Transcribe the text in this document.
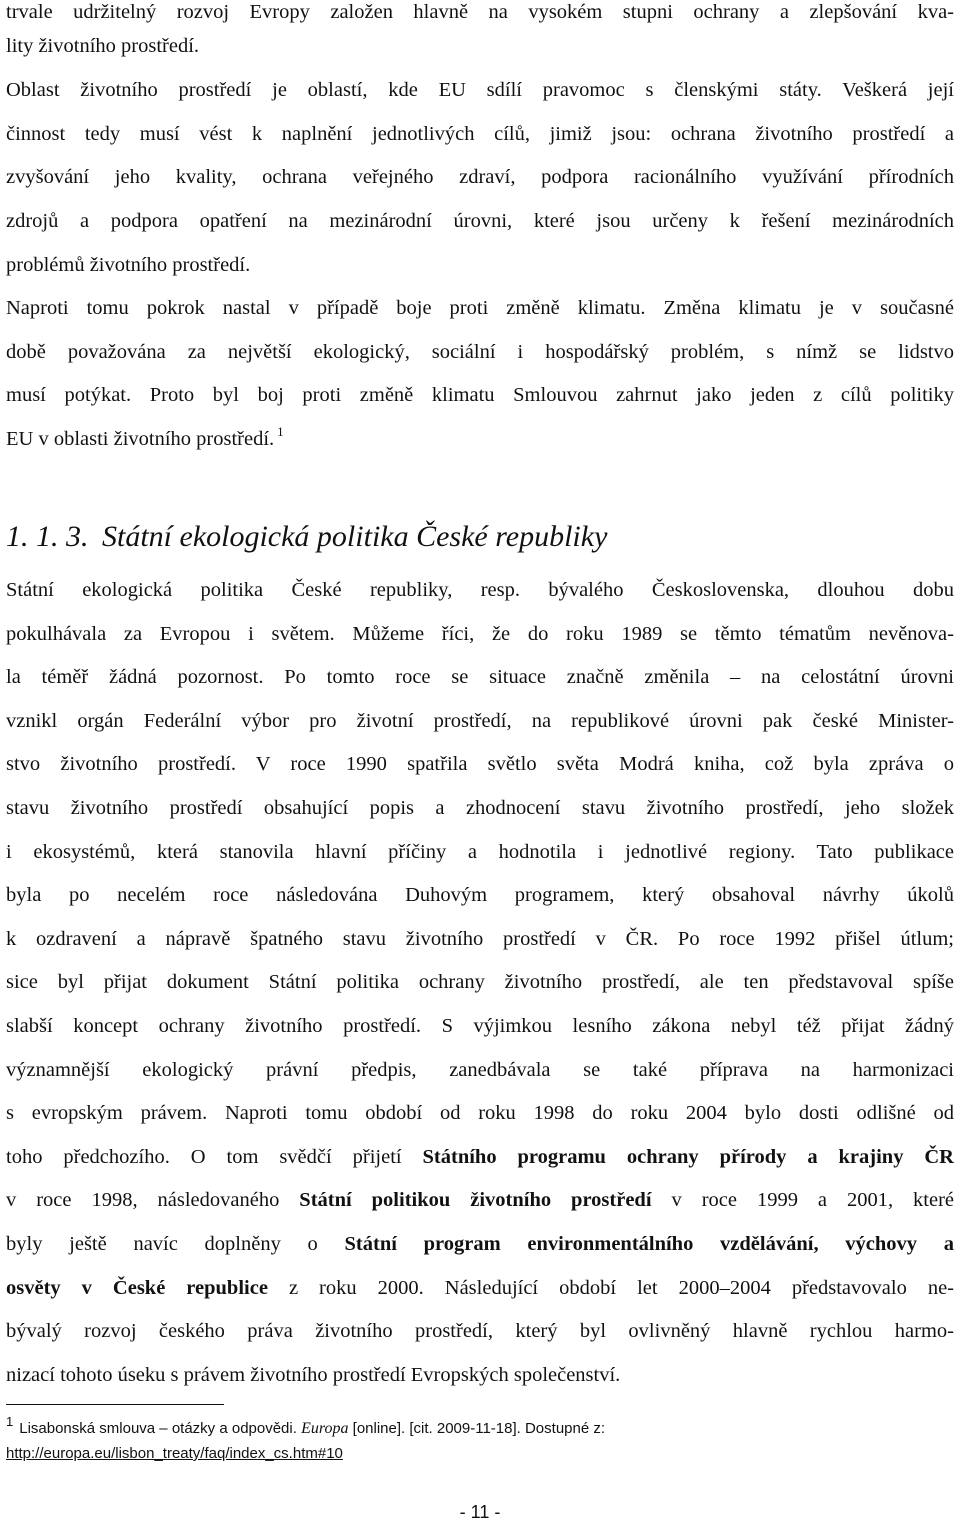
trvale udržitelný rozvoj Evropy založen hlavně na vysokém stupni ochrany a zlepšování kva-
lity životního prostředí.
Oblast životního prostředí je oblastí, kde EU sdílí pravomoc s členskými státy. Veškerá její
činnost tedy musí vést k naplnění jednotlivých cílů, jimiž jsou: ochrana životního prostředí a
zvyšování jeho kvality, ochrana veřejného zdraví, podpora racionálního využívání přírodních
zdrojů a podpora opatření na mezinárodní úrovni, které jsou určeny k řešení mezinárodních
problémů životního prostředí.
Naproti tomu pokrok nastal v případě boje proti změně klimatu. Změna klimatu je v současné
době považována za největší ekologický, sociální i hospodářský problém, s nímž se lidstvo
musí potýkat. Proto byl boj proti změně klimatu Smlouvou zahrnut jako jeden z cílů politiky
EU v oblasti životního prostředí. $^1$
1. 1. 3. Státní ekologická politika České republiky
Státní ekologická politika České republiky, resp. bývalého Československa, dlouhou dobu
pokulhávala za Evropou i světem. Můžeme říci, že do roku 1989 se těmto tématům nevěnova-
la téměř žádná pozornost. Po tomto roce se situace značně změnila – na celostátní úrovni
vznikl orgán Federální výbor pro životní prostředí, na republikové úrovni pak české Minister-
stvo životního prostředí. V roce 1990 spatřila světlo světa Modrá kniha, což byla zpráva o
stavu životního prostředí obsahující popis a zhodnocení stavu životního prostředí, jeho složek
i ekosystémů, která stanovila hlavní příčiny a hodnotila i jednotlivé regiony. Tato publikace
byla po necelém roce následována Duhovým programem, který obsahoval návrhy úkolů
k ozdravení a nápravě špatného stavu životního prostředí v ČR. Po roce 1992 přišel útlum;
sice byl přijat dokument Státní politika ochrany životního prostředí, ale ten představoval spíše
slabší koncept ochrany životního prostředí. S výjimkou lesního zákona nebyl též přijat žádný
významnější ekologický právní předpis, zanedbávala se také příprava na harmonizaci
s evropským právem. Naproti tomu období od roku 1998 do roku 2004 bylo dosti odlišné od
toho předchozího. O tom svědčí přijetí Státního programu ochrany přírody a krajiny ČR
v roce 1998, následovaného Státní politikou životního prostředí v roce 1999 a 2001, které
byly ještě navíc doplněny o Státní program environmentálního vzdělávání, výchovy a
osvěty v České republice z roku 2000. Následující období let 2000–2004 představovalo ne-
bývalý rozvoj českého práva životního prostředí, který byl ovlivněný hlavně rychlou harmo-
nizací tohoto úseku s právem životního prostředí Evropských společenství.
1 Lisabonská smlouva – otázky a odpovědi. Europa [online]. [cit. 2009-11-18]. Dostupné z:
http://europa.eu/lisbon_treaty/faq/index_cs.htm#10
- 11 -
